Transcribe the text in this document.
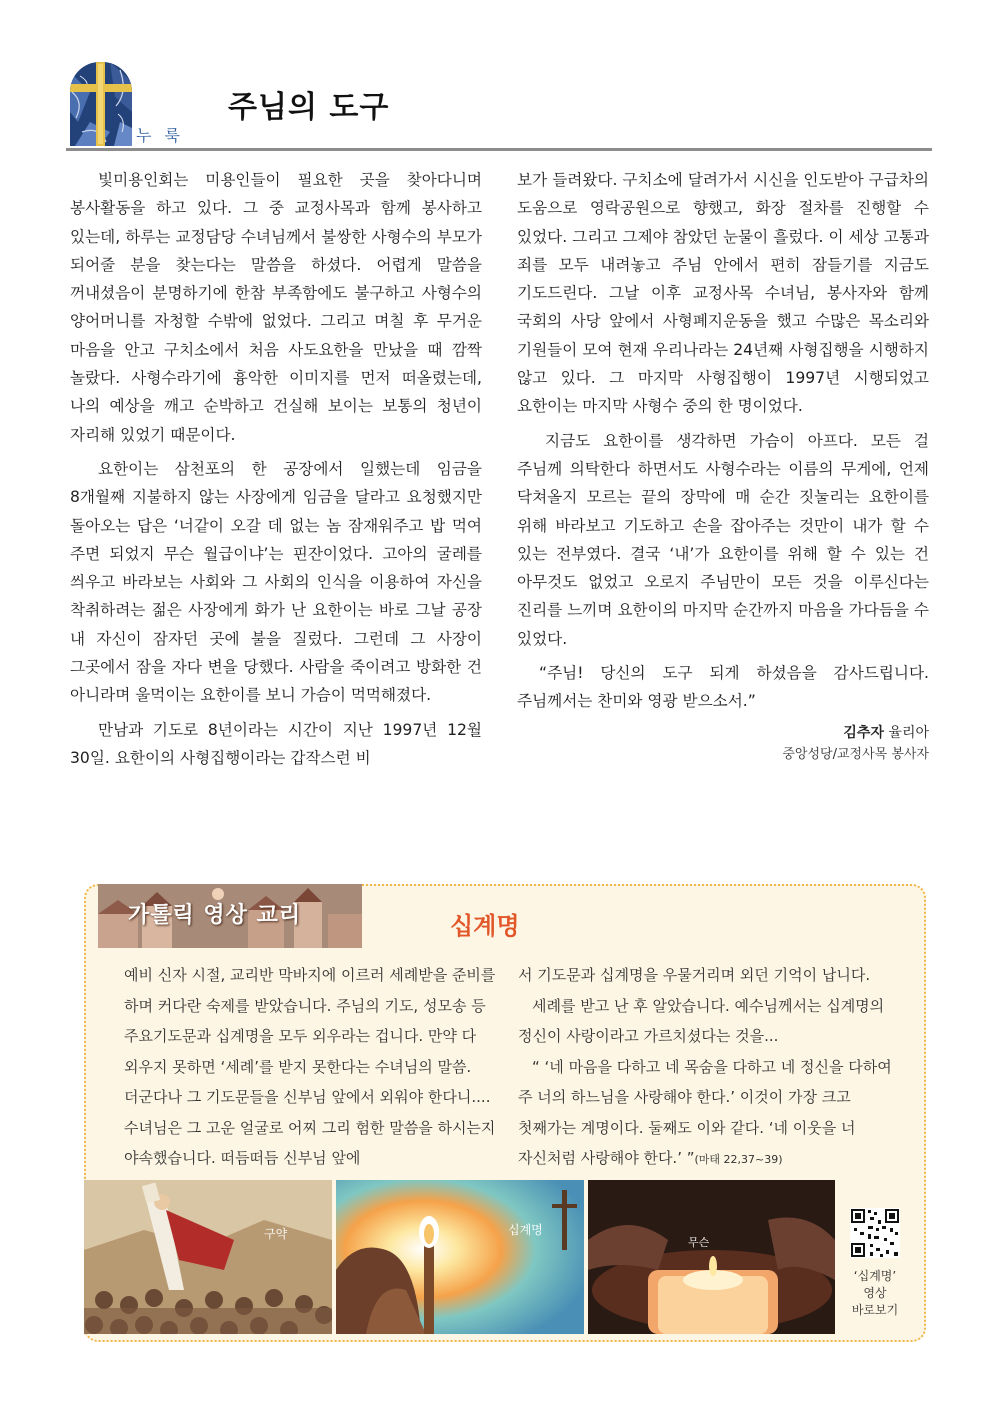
누 룩
주님의 도구

빛미용인회는 미용인들이 필요한 곳을 찾아다니며 봉사활동을 하고 있다. 그 중 교정사목과 함께 봉사하고 있는데, 하루는 교정담당 수녀님께서 불쌍한 사형수의 부모가 되어줄 분을 찾는다는 말씀을 하셨다. 어렵게 말씀을 꺼내셨음이 분명하기에 한참 부족함에도 불구하고 사형수의 양어머니를 자청할 수밖에 없었다. 그리고 며칠 후 무거운 마음을 안고 구치소에서 처음 사도요한을 만났을 때 깜짝 놀랐다. 사형수라기에 흉악한 이미지를 먼저 떠올렸는데, 나의 예상을 깨고 순박하고 건실해 보이는 보통의 청년이 자리해 있었기 때문이다.

요한이는 삼천포의 한 공장에서 일했는데 임금을 8개월째 지불하지 않는 사장에게 임금을 달라고 요청했지만 돌아오는 답은 ‘너같이 오갈 데 없는 놈 잠재워주고 밥 먹여 주면 되었지 무슨 월급이냐’는 핀잔이었다. 고아의 굴레를 씌우고 바라보는 사회와 그 사회의 인식을 이용하여 자신을 착취하려는 젊은 사장에게 화가 난 요한이는 바로 그날 공장 내 자신이 잠자던 곳에 불을 질렀다. 그런데 그 사장이 그곳에서 잠을 자다 변을 당했다. 사람을 죽이려고 방화한 건 아니라며 울먹이는 요한이를 보니 가슴이 먹먹해졌다.

만남과 기도로 8년이라는 시간이 지난 1997년 12월 30일. 요한이의 사형집행이라는 갑작스런 비

보가 들려왔다. 구치소에 달려가서 시신을 인도받아 구급차의 도움으로 영락공원으로 향했고, 화장 절차를 진행할 수 있었다. 그리고 그제야 참았던 눈물이 흘렀다. 이 세상 고통과 죄를 모두 내려놓고 주님 안에서 편히 잠들기를 지금도 기도드린다. 그날 이후 교정사목 수녀님, 봉사자와 함께 국회의 사당 앞에서 사형폐지운동을 했고 수많은 목소리와 기원들이 모여 현재 우리나라는 24년째 사형집행을 시행하지 않고 있다. 그 마지막 사형집행이 1997년 시행되었고 요한이는 마지막 사형수 중의 한 명이었다.

지금도 요한이를 생각하면 가슴이 아프다. 모든 걸 주님께 의탁한다 하면서도 사형수라는 이름의 무게에, 언제 닥쳐올지 모르는 끝의 장막에 매 순간 짓눌리는 요한이를 위해 바라보고 기도하고 손을 잡아주는 것만이 내가 할 수 있는 전부였다. 결국 ‘내’가 요한이를 위해 할 수 있는 건 아무것도 없었고 오로지 주님만이 모든 것을 이루신다는 진리를 느끼며 요한이의 마지막 순간까지 마음을 가다듬을 수 있었다.

“주님! 당신의 도구 되게 하셨음을 감사드립니다. 주님께서는 찬미와 영광 받으소서.”

김추자 율리아
중앙성당/교정사목 봉사자
가톨릭 영상 교리	십계명

예비 신자 시절, 교리반 막바지에 이르러 세례받을 준비를 하며 커다란 숙제를 받았습니다. 주님의 기도, 성모송 등 주요기도문과 십계명을 모두 외우라는 겁니다. 만약 다 외우지 못하면 ‘세례’를 받지 못한다는 수녀님의 말씀. 더군다나 그 기도문들을 신부님 앞에서 외워야 한다니.... 수녀님은 그 고운 얼굴로 어찌 그리 험한 말씀을 하시는지 야속했습니다. 떠듬떠듬 신부님 앞에

서 기도문과 십계명을 우물거리며 외던 기억이 납니다.

세례를 받고 난 후 알았습니다. 예수님께서는 십계명의 정신이 사랑이라고 가르치셨다는 것을...

“ ‘네 마음을 다하고 네 목숨을 다하고 네 정신을 다하여 주 너의 하느님을 사랑해야 한다.’ 이것이 가장 크고 첫째가는 계명이다. 둘째도 이와 같다. ‘네 이웃을 너 자신처럼 사랑해야 한다.’ ”(마태 22,37~39)

구약	십계명
무슨
‘십계명’
영상
바로보기
